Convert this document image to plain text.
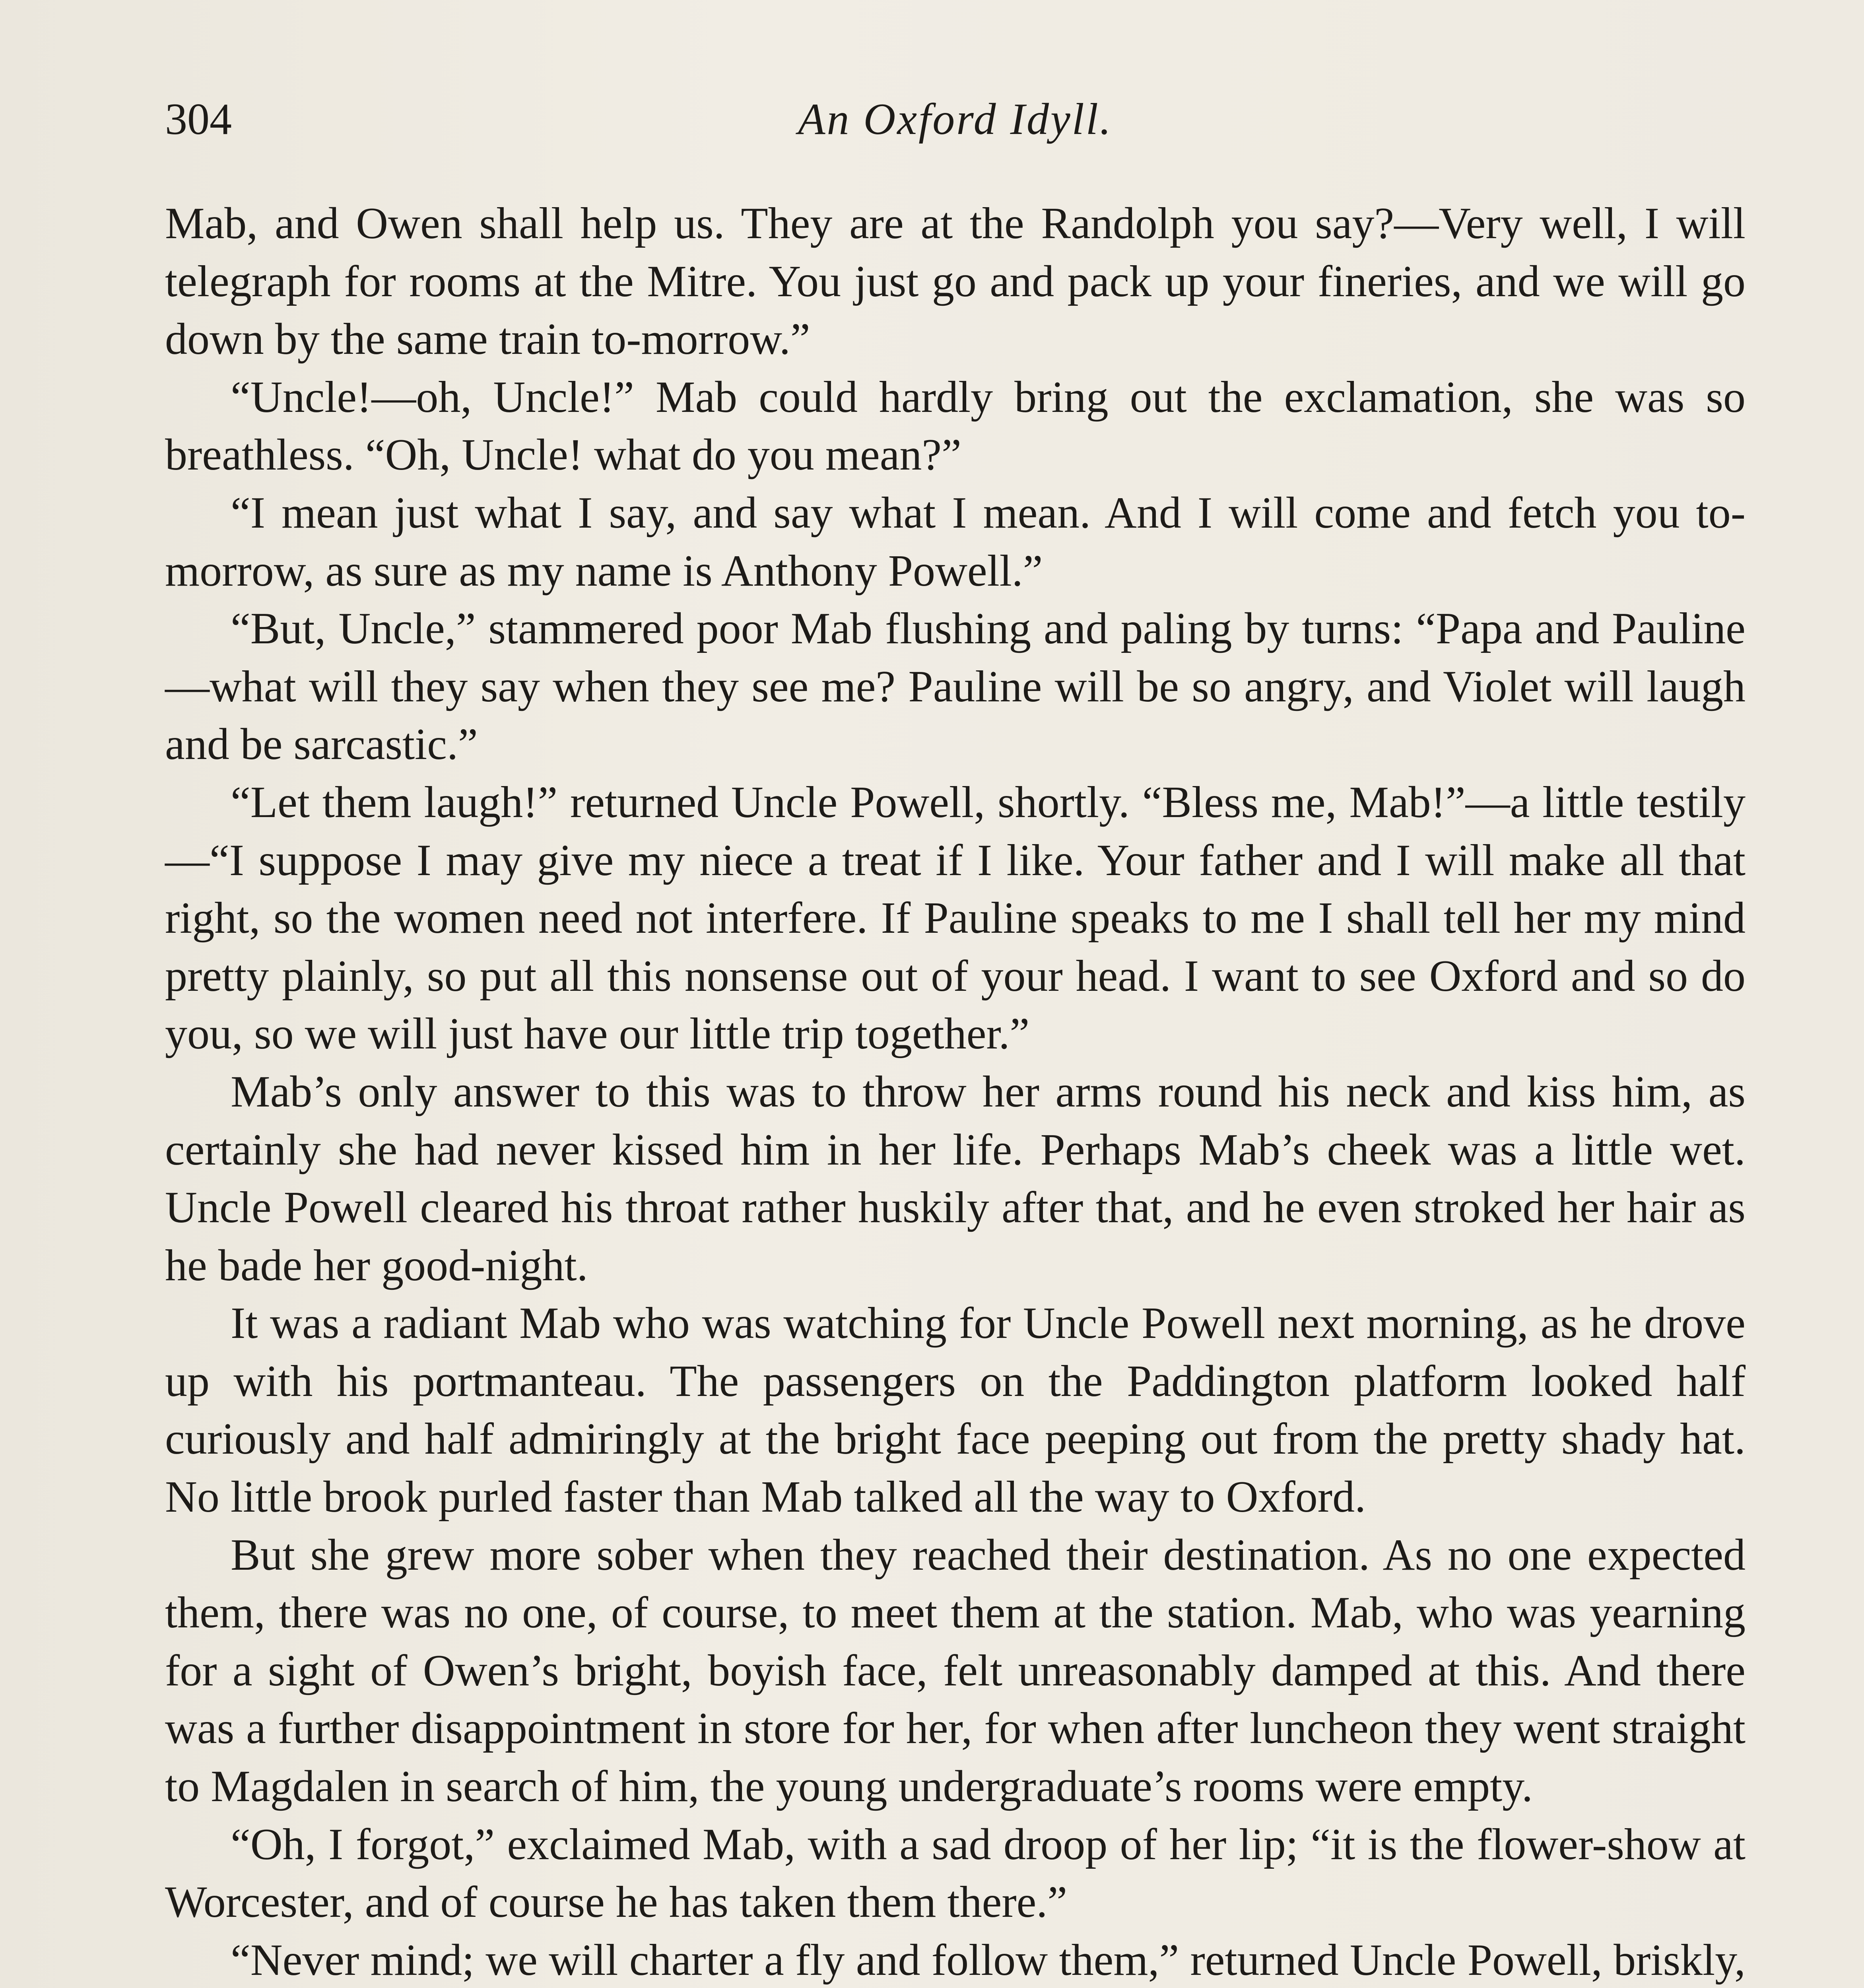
304	An Oxford Idyll.

Mab, and Owen shall help us. They are at the Randolph you say?—Very well, I will telegraph for rooms at the Mitre. You just go and pack up your fineries, and we will go down by the same train to-morrow.”

“Uncle!—oh, Uncle!” Mab could hardly bring out the exclamation, she was so breathless. “Oh, Uncle! what do you mean?”

“I mean just what I say, and say what I mean. And I will come and fetch you to-morrow, as sure as my name is Anthony Powell.”

“But, Uncle,” stammered poor Mab flushing and paling by turns: “Papa and Pauline—what will they say when they see me? Pauline will be so angry, and Violet will laugh and be sarcastic.”

“Let them laugh!” returned Uncle Powell, shortly. “Bless me, Mab!”—a little testily—“I suppose I may give my niece a treat if I like. Your father and I will make all that right, so the women need not interfere. If Pauline speaks to me I shall tell her my mind pretty plainly, so put all this nonsense out of your head. I want to see Oxford and so do you, so we will just have our little trip together.”

Mab’s only answer to this was to throw her arms round his neck and kiss him, as certainly she had never kissed him in her life. Perhaps Mab’s cheek was a little wet. Uncle Powell cleared his throat rather huskily after that, and he even stroked her hair as he bade her good-night.

It was a radiant Mab who was watching for Uncle Powell next morning, as he drove up with his portmanteau. The passengers on the Paddington platform looked half curiously and half admiringly at the bright face peeping out from the pretty shady hat. No little brook purled faster than Mab talked all the way to Oxford.

But she grew more sober when they reached their destination. As no one expected them, there was no one, of course, to meet them at the station. Mab, who was yearning for a sight of Owen’s bright, boyish face, felt unreasonably damped at this. And there was a further disappointment in store for her, for when after luncheon they went straight to Magdalen in search of him, the young undergraduate’s rooms were empty.

“Oh, I forgot,” exclaimed Mab, with a sad droop of her lip; “it is the flower-show at Worcester, and of course he has taken them there.”

“Never mind; we will charter a fly and follow them,” returned Uncle Powell, briskly,
